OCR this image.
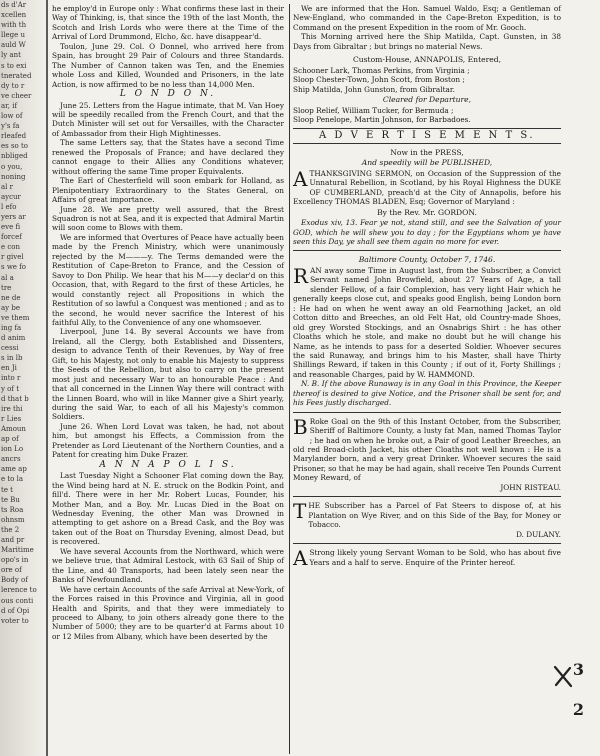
ds d'Ar
xcellen
with th
llege u
auld W
ly ant
s to exi
tnerated
dy to r
ve cheer
ar, if
low of
y's fa
rleafed
es so to
nbliged
o you,
noning
al r
aycur
l efo
yers ar
eve fi
forcef
e con
r givel
s we fo
al a
tre
ne de
ay be
ve them
ing fa
d anim
cessi
s in lb
en Ji
into r
y of t
d that b
ire thi
r Lies
Amoun
ap of
ion Lo
ancrs
ame ap
e to la
te t
te Bu
ts Roa
ohnsm
the 2
and pr
Maritime
opo's in
ore of
Body of
lerence to
ous conti
d of Opi
voter to

he employ'd in Europe only : What confirms these last in their Way of Thinking, is, that since the 19th of the last Month, the Scotch and Irish Lords who were there at the Time of the Arrival of Lord Drummond, Elcho, &c. have disappear'd.

Toulon, June 29. Col. O Donnel, who arrived here from Spain, has brought 29 Pair of Colours and three Standards. The Number of Cannon taken was Ten, and the Enemies whole Loss and Killed, Wounded and Prisoners, in the late Action, is now affirmed to be no less than 14,000 Men.

L O N D O N.

June 25. Letters from the Hague intimate, that M. Van Hoey will be speedily recalled from the French Court, and that the Dutch Minister will set out for Versailles, with the Character of Ambassador from their High Mightinesses.

The same Letters say, that the States have a second Time renewed the Proposals of France; and have declared they cannot engage to their Allies any Conditions whatever, without offering the same Time proper Equivalents.

The Earl of Chesterfield will soon embark for Holland, as Plenipotentiary Extraordinary to the States General, on Affairs of great importance.

June 28. We are pretty well assured, that the Brest Squadron is not at Sea, and it is expected that Admiral Martin will soon come to Blows with them.

We are informed that Overtures of Peace have actually been made by the French Ministry, which were unanimously rejected by the M———y. The Terms demanded were the Restitution of Cape-Breton to France, and the Cession of Savoy to Don Philip. We hear that his M——y declar'd on this Occasion, that, with Regard to the first of these Articles, he would constantly reject all Propositions in which the Restitution of so lawful a Conquest was mentioned ; and as to the second, he would never sacrifice the Interest of his faithful Ally, to the Convenience of any one whomsoever.

Liverpool, June 14. By several Accounts we have from Ireland, all the Clergy, both Established and Dissenters, design to advance Tenth of their Revenues, by Way of free Gift, to his Majesty, not only to enable his Majesty to suppress the Seeds of the Rebellion, but also to carry on the present most just and necessary War to an honourable Peace : And that all concerned in the Linnen Way there will contract with the Linnen Board, who will in like Manner give a Shirt yearly, during the said War, to each of all his Majesty's common Soldiers.

June 26. When Lord Lovat was taken, he had, not about him, but amongst his Effects, a Commission from the Pretender as Lord Lieutenant of the Northern Counties, and a Patent for creating him Duke Frazer.

A N N A P O L I S.

Last Tuesday Night a Schooner Flat coming down the Bay, the Wind being hard at N. E. struck on the Bodkin Point, and fill'd. There were in her Mr. Robert Lucas, Founder, his Mother Man, and a Boy. Mr. Lucas Died in the Boat on Wednesday Evening, the other Man was Drowned in attempting to get ashore on a Bread Cask, and the Boy was taken out of the Boat on Thursday Evening, almost Dead, but is recovered.

We have several Accounts from the Northward, which were we believe true, that Admiral Lestock, with 63 Sail of Ship of the Line, and 40 Transports, had been lately seen near the Banks of Newfoundland.

We have certain Accounts of the safe Arrival at New-York, of the Forces raised in this Province and Virginia, all in good Health and Spirits, and that they were immediately to proceed to Albany, to join others already gone there to the Number of 5000; they are to be quarter'd at Farms about 10 or 12 Miles from Albany, which have been deserted by the

We are informed that the Hon. Samuel Waldo, Esq; a Gentleman of New-England, who commanded in the Cape-Breton Expedition, is to Command on the present Expedition in the room of Mr. Gooch.

This Morning arrived here the Ship Matilda, Capt. Gunsten, in 38 Days from Gibraltar ; but brings no material News.

Custom-House, ANNAPOLIS, Entered,
Schooner Lark, Thomas Perkins, from Virginia ;
Sloop Chester-Town, John Scott, from Boston ;
Ship Matilda, John Gunston, from Gibraltar.
Cleared for Departure,
Sloop Relief, William Tucker, for Bermuda ;
Sloop Penelope, Martin Johnson, for Barbadoes.
A D V E R T I S E M E N T S.
Now in the PRESS,
And speedily will be PUBLISHED,

ATHANKSGIVING SERMON, on Occasion of the Suppression of the Unnatural Rebellion, in Scotland, by his Royal Highness the DUKE OF CUMBERLAND, preach'd at the City of Annapolis, before his Excellency THOMAS BLADEN, Esq; Governor of Maryland :

By the Rev. Mr. GORDON.

Exodus xiv, 13. Fear ye not, stand still, and see the Salvation of your GOD, which he will shew you to day ; for the Egyptians whom ye have seen this Day, ye shall see them again no more for ever.

Baltimore County, October 7, 1746.

RAN away some Time in August last, from the Subscriber, a Convict Servant named John Browfield, about 27 Years of Age, a tall slender Fellow, of a fair Complexion, has very light Hair which he generally keeps close cut, and speaks good English, being London born : He had on when he went away an old Fearnothing Jacket, an old Cotton ditto and Breeches, an old Felt Hat, old Country-made Shoes, old grey Worsted Stockings, and an Osnabrigs Shirt : he has other Cloaths which he stole, and make no doubt but he will change his Name, as he intends to pass for a deserted Soldier. Whoever secures the said Runaway, and brings him to his Master, shall have Thirty Shillings Reward, if taken in this County ; if out of it, Forty Shillings ; and reasonable Charges, paid by W. HAMMOND.

N. B. If the above Runaway is in any Goal in this Province, the Keeper thereof is desired to give Notice, and the Prisoner shall be sent for, and his Fees justly discharged.

B Roke Goal on the 9th of this Instant October, from the Subscriber, Sheriff of Baltimore County, a lusty fat Man, named Thomas Taylor ; he had on when he broke out, a Pair of good Leather Breeches, an old red Broad-cloth Jacket, his other Cloaths not well known : He is a Marylander born, and a very great Drinker. Whoever secures the said Prisoner, so that he may be had again, shall receive Ten Pounds Current Money Reward, of

JOHN RISTEAU.

THE Subscriber has a Parcel of Fat Steers to dispose of, at his Plantation on Wye River, and on this Side of the Bay, for Money or Tobacco.

D. DULANY.

A Strong likely young Servant Woman to be Sold, who has about five Years and a half to serve. Enquire of the Printer hereof.

3
2
